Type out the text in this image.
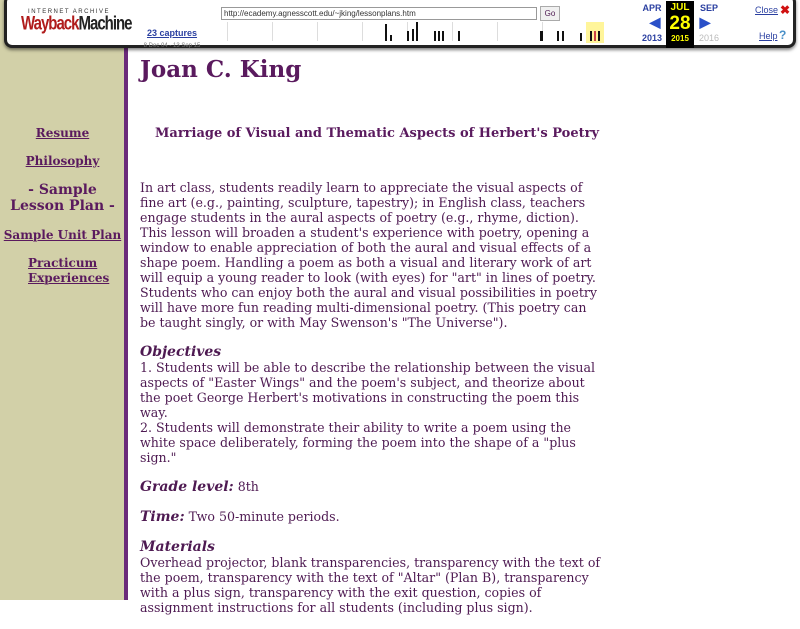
INTERNET ARCHIVE
WaybackMachine	23 captures
8 Dec 04 - 13 Sep 15
http://ecademy.agnesscott.edu/~jking/lessonplans.htm	Go
APR
◀
2013
JUL
28
2015
SEP
▶
2016
Close ✖
Help ?
Resume
Philosophy
- Sample Lesson Plan -
Sample Unit Plan
Practicum Experiences
Joan C. King
Marriage of Visual and Thematic Aspects of Herbert's Poetry

In art class, students readily learn to appreciate the visual aspects of fine art (e.g., painting, sculpture, tapestry); in English class, teachers engage students in the aural aspects of poetry (e.g., rhyme, diction). This lesson will broaden a student's experience with poetry, opening a window to enable appreciation of both the aural and visual effects of a shape poem. Handling a poem as both a visual and literary work of art will equip a young reader to look (with eyes) for "art" in lines of poetry. Students who can enjoy both the aural and visual possibilities in poetry will have more fun reading multi-dimensional poetry. (This poetry can be taught singly, or with May Swenson's "The Universe").

Objectives
1. Students will be able to describe the relationship between the visual aspects of "Easter Wings" and the poem's subject, and theorize about the poet George Herbert's motivations in constructing the poem this way.
2. Students will demonstrate their ability to write a poem using the white space deliberately, forming the poem into the shape of a "plus sign."

Grade level: 8th

Time: Two 50-minute periods.

Materials
Overhead projector, blank transparencies, transparency with the text of the poem, transparency with the text of "Altar" (Plan B), transparency with a plus sign, transparency with the exit question, copies of assignment instructions for all students (including plus sign).
